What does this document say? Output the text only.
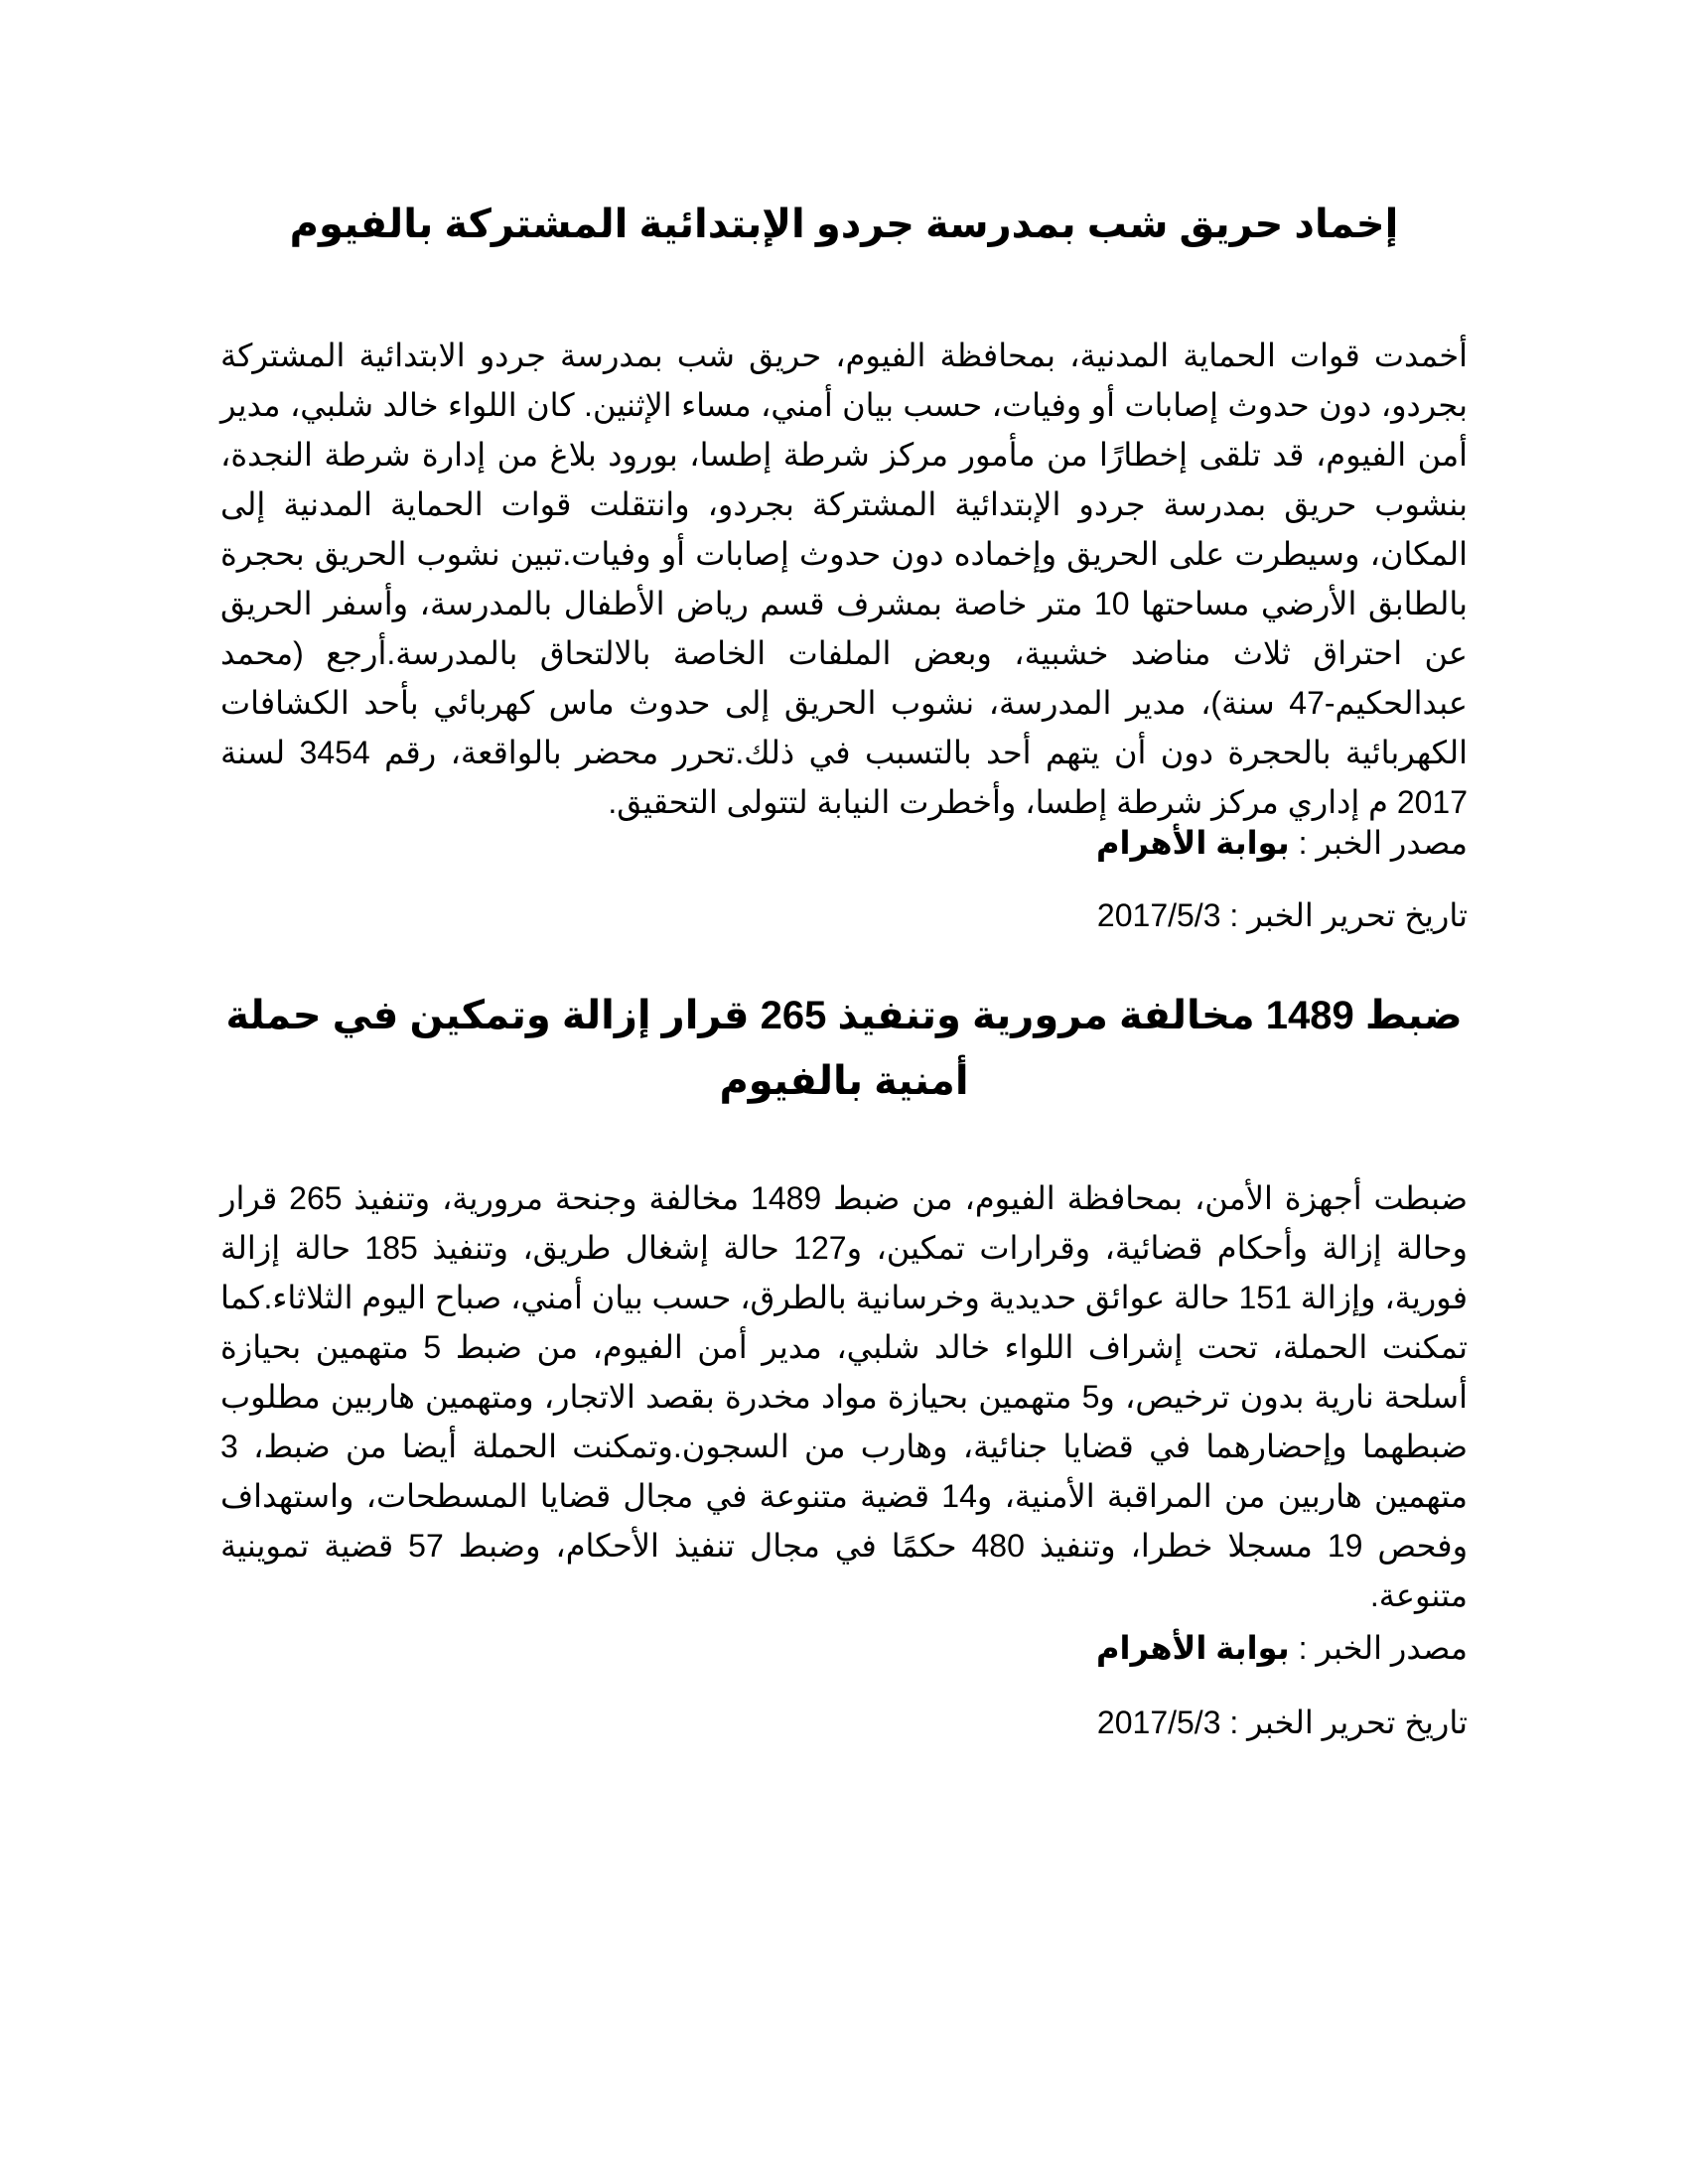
إخماد حريق شب بمدرسة جردو الإبتدائية المشتركة بالفيوم

أخمدت قوات الحماية المدنية، بمحافظة الفيوم، حريق شب بمدرسة جردو الابتدائية المشتركة بجردو، دون حدوث إصابات أو وفيات، حسب بيان أمني، مساء الإثنين. كان اللواء خالد شلبي، مدير أمن الفيوم، قد تلقى إخطارًا من مأمور مركز شرطة إطسا، بورود بلاغ من إدارة شرطة النجدة، بنشوب حريق بمدرسة جردو الإبتدائية المشتركة بجردو، وانتقلت قوات الحماية المدنية إلى المكان، وسيطرت على الحريق وإخماده دون حدوث إصابات أو وفيات.تبين نشوب الحريق بحجرة بالطابق الأرضي مساحتها 10 متر خاصة بمشرف قسم رياض الأطفال بالمدرسة، وأسفر الحريق عن احتراق ثلاث مناضد خشبية، وبعض الملفات الخاصة بالالتحاق بالمدرسة.أرجع (محمد عبدالحكيم-47 سنة)، مدير المدرسة، نشوب الحريق إلى حدوث ماس كهربائي بأحد الكشافات الكهربائية بالحجرة دون أن يتهم أحد بالتسبب في ذلك.تحرر محضر بالواقعة، رقم 3454 لسنة 2017 م إداري مركز شرطة إطسا، وأخطرت النيابة لتتولى التحقيق.

مصدر الخبر : بوابة الأهرام

تاريخ تحرير الخبر : 2017/5/3

ضبط 1489 مخالفة مرورية وتنفيذ 265 قرار إزالة وتمكين في حملة أمنية بالفيوم

ضبطت أجهزة الأمن، بمحافظة الفيوم، من ضبط 1489 مخالفة وجنحة مرورية، وتنفيذ 265 قرار وحالة إزالة وأحكام قضائية، وقرارات تمكين، و127 حالة إشغال طريق، وتنفيذ 185 حالة إزالة فورية، وإزالة 151 حالة عوائق حديدية وخرسانية بالطرق، حسب بيان أمني، صباح اليوم الثلاثاء.كما تمكنت الحملة، تحت إشراف اللواء خالد شلبي، مدير أمن الفيوم، من ضبط 5 متهمين بحيازة أسلحة نارية بدون ترخيص، و5 متهمين بحيازة مواد مخدرة بقصد الاتجار، ومتهمين هاربين مطلوب ضبطهما وإحضارهما في قضايا جنائية، وهارب من السجون.وتمكنت الحملة أيضا من ضبط، 3 متهمين هاربين من المراقبة الأمنية، و14 قضية متنوعة في مجال قضايا المسطحات، واستهداف وفحص 19 مسجلا خطرا، وتنفيذ 480 حكمًا في مجال تنفيذ الأحكام، وضبط 57 قضية تموينية متنوعة.

مصدر الخبر : بوابة الأهرام

تاريخ تحرير الخبر : 2017/5/3
